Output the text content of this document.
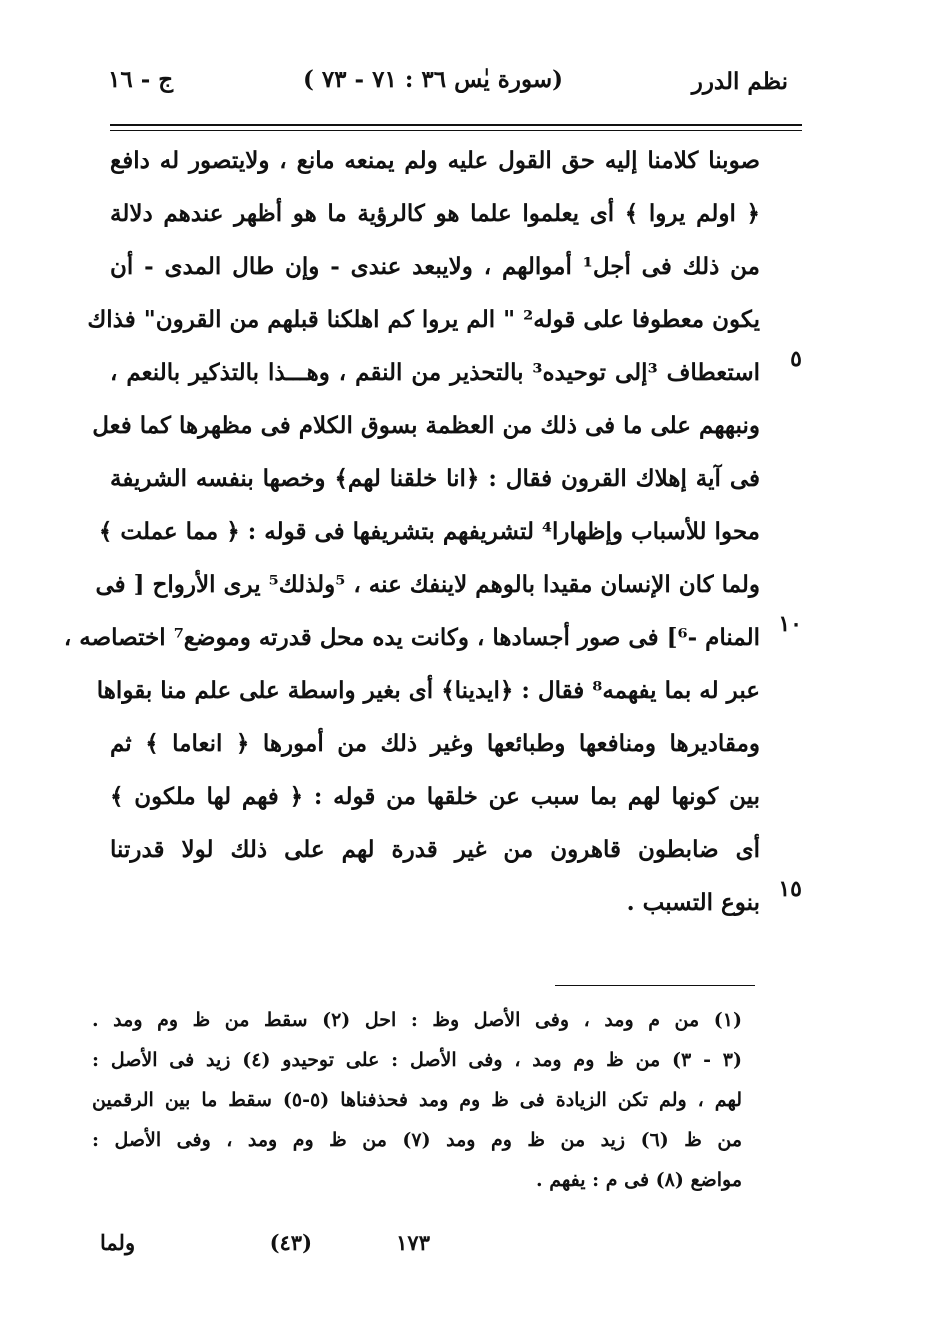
نظم الدرر
(سورة يٰس ٣٦ : ٧١ - ٧٣ )
ج - ١٦
صوبنا كلامنا إليه حق القول عليه ولم يمنعه مانع ، ولايتصور له دافع
﴿ اولم يروا ﴾ أى يعلموا علما هو كالرؤية ما هو أظهر عندهم دلالة
من ذلك فى أجل¹ أموالهم ، ولايبعد عندى - وإن طال المدى - أن
يكون معطوفا على قوله² " الم يروا كم اهلكنا قبلهم من القرون" فذاك
استعطاف ³إلى توحيده³ بالتحذير من النقم ، وهـــذا بالتذكير بالنعم ، ٥
ونبههم على ما فى ذلك من العظمة بسوق الكلام فى مظهرها كما فعل
فى آية إهلاك القرون فقال : ﴿انا خلقنا لهم﴾ وخصها بنفسه الشريفة
محوا للأسباب وإظهارا⁴ لتشريفهم بتشريفها فى قوله : ﴿ مما عملت ﴾
ولما كان الإنسان مقيدا بالوهم لاينفك عنه ، ⁵ولذلك⁵ يرى الأرواح [ فى
المنام -⁶] فى صور أجسادها ، وكانت يده محل قدرته وموضع⁷ اختصاصه ، ١٠
عبر له بما يفهمه⁸ فقال : ﴿ايدينا﴾ أى بغير واسطة على علم منا بقواها
ومقاديرها ومنافعها وطبائعها وغير ذلك من أمورها ﴿ انعاما ﴾ ثم
بين كونها لهم بما سبب عن خلقها من قوله : ﴿ فهم لها ملكون ﴾
أى ضابطون قاهرون من غير قدرة لهم على ذلك لولا قدرتنا
بنوع التسبب . ١٥
(١) من م ومد ، وفى الأصل وظ : احل (٢) سقط من ظ وم ومد .
(٣ - ٣) من ظ وم ومد ، وفى الأصل : على توحيدو (٤) زيد فى الأصل :
لهم ، ولم تكن الزيادة فى ظ وم ومد فحذفناها (٥-٥) سقط ما بين الرقمين
من ظ (٦) زيد من ظ وم ومد (٧) من ظ وم ومد ، وفى الأصل :
مواضع (٨) فى م : يفهم .
١٧٣
(٤٣)
ولما
